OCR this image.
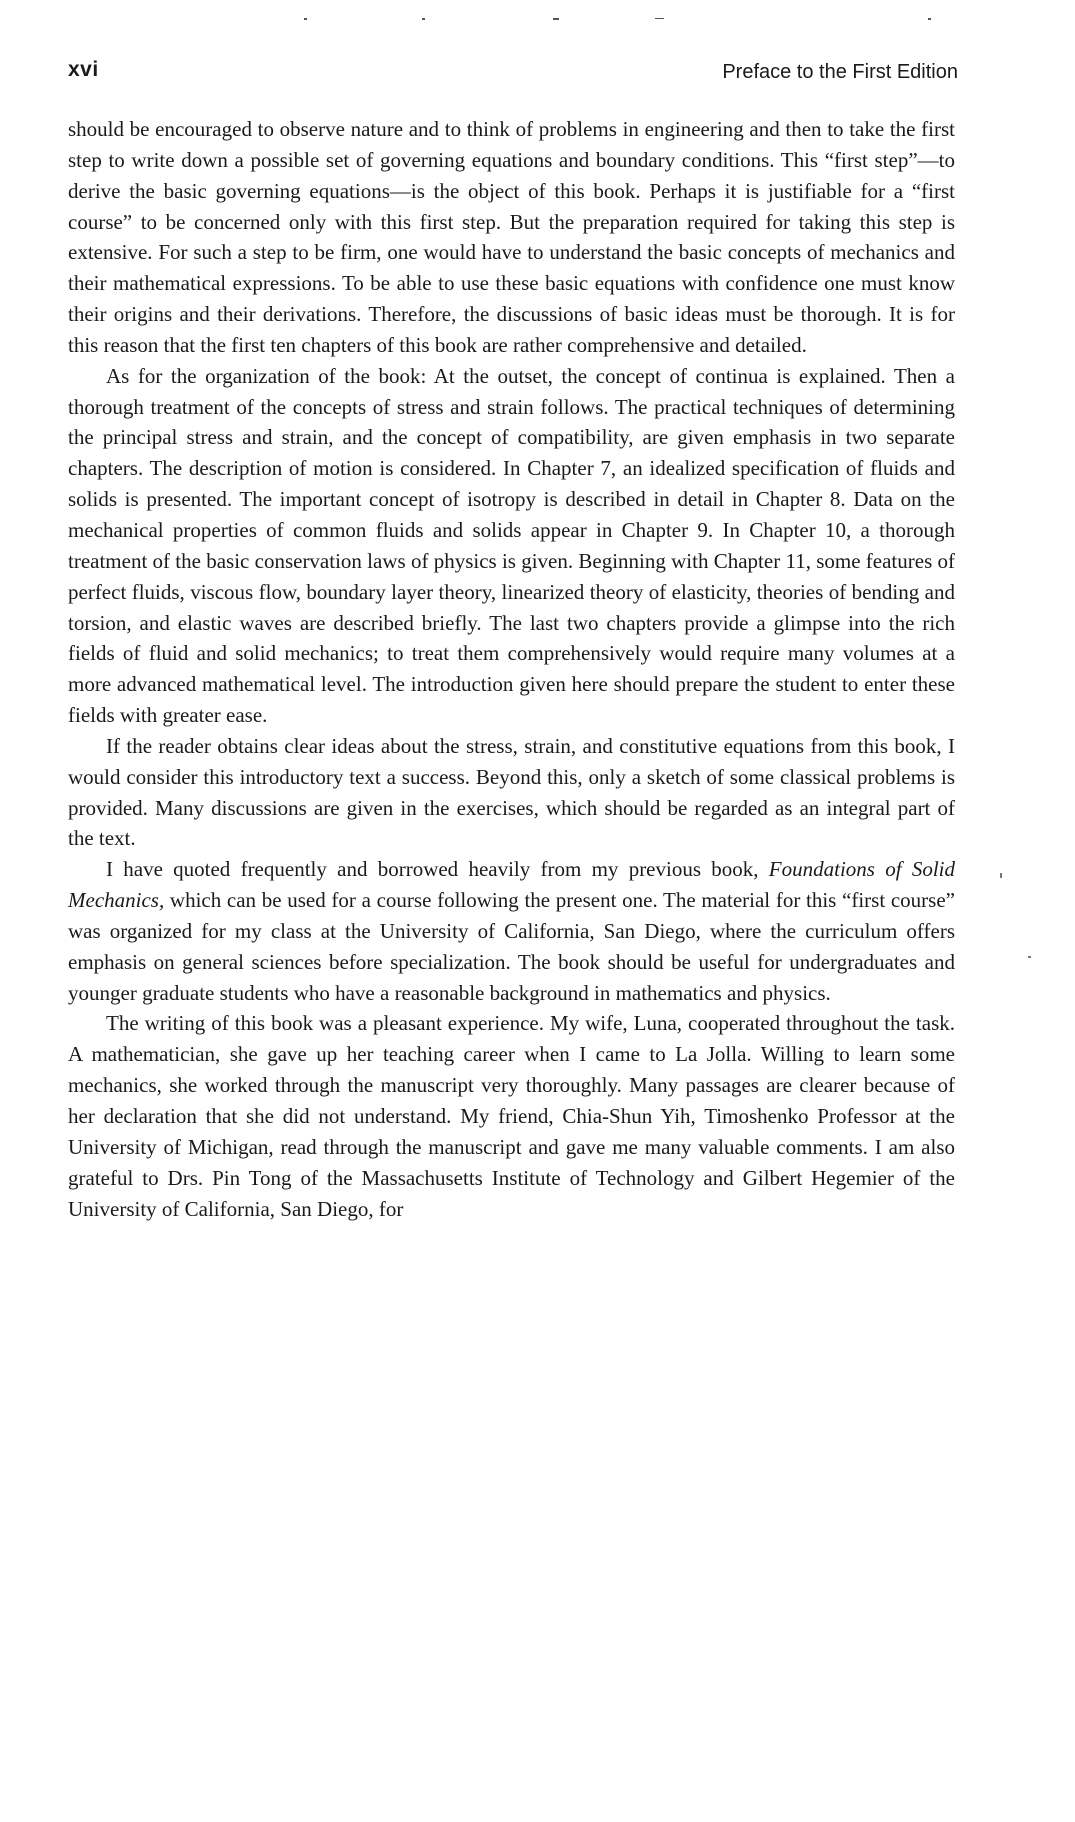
xvi	Preface to the First Edition

should be encouraged to observe nature and to think of problems in engineering and then to take the first step to write down a possible set of governing equations and boundary conditions. This “first step”—to derive the basic governing equations—is the object of this book. Perhaps it is justifiable for a “first course” to be concerned only with this first step. But the preparation required for taking this step is extensive. For such a step to be firm, one would have to understand the basic concepts of mechanics and their mathematical expressions. To be able to use these basic equations with confidence one must know their origins and their derivations. Therefore, the discussions of basic ideas must be thorough. It is for this reason that the first ten chapters of this book are rather comprehensive and detailed.

As for the organization of the book: At the outset, the concept of continua is explained. Then a thorough treatment of the concepts of stress and strain follows. The practical techniques of determining the principal stress and strain, and the concept of compatibility, are given emphasis in two separate chapters. The description of motion is considered. In Chapter 7, an idealized specification of fluids and solids is presented. The important concept of isotropy is described in detail in Chapter 8. Data on the mechanical properties of common fluids and solids appear in Chapter 9. In Chapter 10, a thorough treatment of the basic conservation laws of physics is given. Beginning with Chapter 11, some features of perfect fluids, viscous flow, boundary layer theory, linearized theory of elasticity, theories of bending and torsion, and elastic waves are described briefly. The last two chapters provide a glimpse into the rich fields of fluid and solid mechanics; to treat them comprehensively would require many volumes at a more advanced mathematical level. The introduction given here should prepare the student to enter these fields with greater ease.

If the reader obtains clear ideas about the stress, strain, and constitutive equations from this book, I would consider this introductory text a success. Beyond this, only a sketch of some classical problems is provided. Many discussions are given in the exercises, which should be regarded as an integral part of the text.

I have quoted frequently and borrowed heavily from my previous book, Foundations of Solid Mechanics, which can be used for a course following the present one. The material for this “first course” was organized for my class at the University of California, San Diego, where the curriculum offers emphasis on general sciences before specialization. The book should be useful for undergraduates and younger graduate students who have a reasonable background in mathematics and physics.

The writing of this book was a pleasant experience. My wife, Luna, cooperated throughout the task. A mathematician, she gave up her teaching career when I came to La Jolla. Willing to learn some mechanics, she worked through the manuscript very thoroughly. Many passages are clearer because of her declaration that she did not understand. My friend, Chia-Shun Yih, Timoshenko Professor at the University of Michigan, read through the manuscript and gave me many valuable comments. I am also grateful to Drs. Pin Tong of the Massachusetts Institute of Technology and Gilbert Hegemier of the University of California, San Diego, for
